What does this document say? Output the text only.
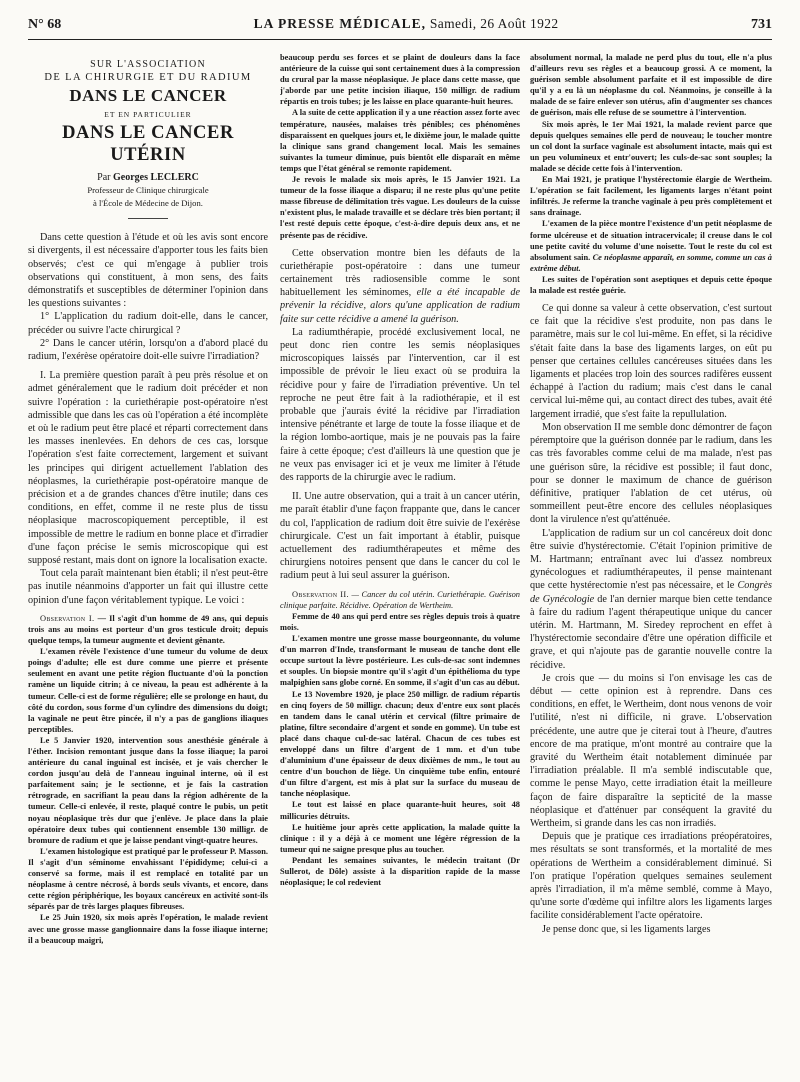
N° 68	LA PRESSE MÉDICALE, Samedi, 26 Août 1922	731
SUR L'ASSOCIATION
DE LA CHIRURGIE ET DU RADIUM
DANS LE CANCER
ET EN PARTICULIER
DANS LE CANCER UTÉRIN
Par Georges LECLERC
Professeur de Clinique chirurgicale
à l'École de Médecine de Dijon.

Dans cette question à l'étude et où les avis sont encore si divergents, il est nécessaire d'apporter tous les faits bien observés; c'est ce qui m'engage à publier trois observations qui constituent, à mon sens, des faits démonstratifs et susceptibles de déterminer l'opinion dans les questions suivantes :

1° L'application du radium doit-elle, dans le cancer, précéder ou suivre l'acte chirurgical ?

2° Dans le cancer utérin, lorsqu'on a d'abord placé du radium, l'exérèse opératoire doit-elle suivre l'irradiation?

I. La première question paraît à peu près résolue et on admet généralement que le radium doit précéder et non suivre l'opération : la curiethérapie post-opératoire n'est admissible que dans les cas où l'opération a été incomplète et où le radium peut être placé et réparti correctement dans les masses inenlevées. En dehors de ces cas, lorsque l'opération s'est faite correctement, largement et suivant les principes qui dirigent actuellement l'ablation des néoplasmes, la curiethérapie post-opératoire manque de précision et a de grandes chances d'être inutile; dans ces conditions, en effet, comme il ne reste plus de tissu néoplasique macroscopiquement perceptible, il est impossible de mettre le radium en bonne place et d'irradier d'une façon précise le semis microscopique qui est supposé restant, mais dont on ignore la localisation exacte.

Tout cela paraît maintenant bien établi; il n'est peut-être pas inutile néanmoins d'apporter un fait qui illustre cette opinion d'une façon véritablement typique. Le voici :

Observation I. — Il s'agit d'un homme de 49 ans, qui depuis trois ans au moins est porteur d'un gros testicule droit; depuis quelque temps, la tumeur augmente et devient gênante.

L'examen révèle l'existence d'une tumeur du volume de deux poings d'adulte; elle est dure comme une pierre et présente seulement en avant une petite région fluctuante d'où la ponction ramène un liquide citrin; à ce niveau, la peau est adhérente à la tumeur. Celle-ci est de forme régulière; elle se prolonge en haut, du côté du cordon, sous forme d'un cylindre des dimensions du doigt; la vaginale ne peut être pincée, il n'y a pas de ganglions iliaques perceptibles.

Le 5 Janvier 1920, intervention sous anesthésie générale à l'éther. Incision remontant jusque dans la fosse iliaque; la paroi antérieure du canal inguinal est incisée, et je vais chercher le cordon jusqu'au delà de l'anneau inguinal interne, où il est parfaitement sain; je le sectionne, et je fais la castration rétrograde, en sacrifiant la peau dans la région adhérente de la tumeur. Celle-ci enlevée, il reste, plaqué contre le pubis, un petit noyau néoplasique très dur que j'enlève. Je place dans la plaie opératoire deux tubes qui contiennent ensemble 130 milligr. de bromure de radium et que je laisse pendant vingt-quatre heures.

L'examen histologique est pratiqué par le professeur P. Masson. Il s'agit d'un séminome envahissant l'épididyme; celui-ci a conservé sa forme, mais il est remplacé en totalité par un néoplasme à centre nécrosé, à bords seuls vivants, et encore, dans cette région périphérique, les boyaux cancéreux en activité sont-ils séparés par de très larges plaques fibreuses.

Le 25 Juin 1920, six mois après l'opération, le malade revient avec une grosse masse ganglionnaire dans la fosse iliaque interne; il a beaucoup maigri,

beaucoup perdu ses forces et se plaint de douleurs dans la face antérieure de la cuisse qui sont certainement dues à la compression du crural par la masse néoplasique. Je place dans cette masse, que j'aborde par une petite incision iliaque, 150 milligr. de radium répartis en trois tubes; je les laisse en place quarante-huit heures.

A la suite de cette application il y a une réaction assez forte avec température, nausées, malaises très pénibles; ces phénomènes disparaissent en quelques jours et, le dixième jour, le malade quitte la clinique sans grand changement local. Mais les semaines suivantes la tumeur diminue, puis bientôt elle disparaît en même temps que l'état général se remonte rapidement.

Je revois le malade six mois après, le 15 Janvier 1921. La tumeur de la fosse iliaque a disparu; il ne reste plus qu'une petite masse fibreuse de délimitation très vague. Les douleurs de la cuisse n'existent plus, le malade travaille et se déclare très bien portant; il l'est resté depuis cette époque, c'est-à-dire depuis deux ans, et ne présente pas de récidive.

Cette observation montre bien les défauts de la curiethérapie post-opératoire : dans une tumeur certainement très radiosensible comme le sont habituellement les séminomes, elle a été incapable de prévenir la récidive, alors qu'une application de radium faite sur cette récidive a amené la guérison.

La radiumthérapie, procédé exclusivement local, ne peut donc rien contre les semis néoplasiques microscopiques laissés par l'intervention, car il est impossible de prévoir le lieu exact où se produira la récidive pour y faire de l'irradiation préventive. Un tel reproche ne peut être fait à la radiothérapie, et il est probable que j'aurais évité la récidive par l'irradiation intensive pénétrante et large de toute la fosse iliaque et de la région lombo-aortique, mais je ne pouvais pas la faire faire à cette époque; c'est d'ailleurs là une question que je ne veux pas envisager ici et je veux me limiter à l'étude des rapports de la chirurgie avec le radium.

II. Une autre observation, qui a trait à un cancer utérin, me paraît établir d'une façon frappante que, dans le cancer du col, l'application de radium doit être suivie de l'exérèse chirurgicale. C'est un fait important à établir, puisque actuellement des radiumthérapeutes et même des chirurgiens notoires pensent que dans le cancer du col le radium peut à lui seul assurer la guérison.

Observation II. — Cancer du col utérin. Curiethérapie. Guérison clinique parfaite. Récidive. Opération de Wertheim.

Femme de 40 ans qui perd entre ses règles depuis trois à quatre mois.

L'examen montre une grosse masse bourgeonnante, du volume d'un marron d'Inde, transformant le museau de tanche dont elle occupe surtout la lèvre postérieure. Les culs-de-sac sont indemnes et souples. Un biopsie montre qu'il s'agit d'un épithélioma du type malpighien sans globe corné. En somme, il s'agit d'un cas au début.

Le 13 Novembre 1920, je place 250 milligr. de radium répartis en cinq foyers de 50 milligr. chacun; deux d'entre eux sont placés en tandem dans le canal utérin et cervical (filtre primaire de platine, filtre secondaire d'argent et sonde en gomme). Un tube est placé dans chaque cul-de-sac latéral. Chacun de ces tubes est enveloppé dans un filtre d'argent de 1 mm. et d'un tube d'aluminium d'une épaisseur de deux dixièmes de mm., le tout au centre d'un bouchon de liège. Un cinquième tube enfin, entouré d'un filtre d'argent, est mis à plat sur la surface du museau de tanche néoplasique.

Le tout est laissé en place quarante-huit heures, soit 48 millicuries détruits.

Le huitième jour après cette application, la malade quitte la clinique : il y a déjà à ce moment une légère régression de la tumeur qui ne saigne presque plus au toucher.

Pendant les semaines suivantes, le médecin traitant (Dr Sullerot, de Dôle) assiste à la disparition rapide de la masse néoplasique; le col redevient

absolument normal, la malade ne perd plus du tout, elle n'a plus d'ailleurs revu ses règles et a beaucoup grossi. A ce moment, la guérison semble absolument parfaite et il est impossible de dire qu'il y a eu là un néoplasme du col. Néanmoins, je conseille à la malade de se faire enlever son utérus, afin d'augmenter ses chances de guérison, mais elle refuse de se soumettre à l'intervention.

Six mois après, le 1er Mai 1921, la malade revient parce que depuis quelques semaines elle perd de nouveau; le toucher montre un col dont la surface vaginale est absolument intacte, mais qui est un peu volumineux et entr'ouvert; les culs-de-sac sont souples; la malade se décide cette fois à l'intervention.

En Mai 1921, je pratique l'hystérectomie élargie de Wertheim. L'opération se fait facilement, les ligaments larges n'étant point infiltrés. Je referme la tranche vaginale à peu près complètement et sans drainage.

L'examen de la pièce montre l'existence d'un petit néoplasme de forme ulcéreuse et de situation intracervicale; il creuse dans le col une petite cavité du volume d'une noisette. Tout le reste du col est absolument sain. Ce néoplasme apparaît, en somme, comme un cas à extrême début.

Les suites de l'opération sont aseptiques et depuis cette époque la malade est restée guérie.

Ce qui donne sa valeur à cette observation, c'est surtout ce fait que la récidive s'est produite, non pas dans le paramètre, mais sur le col lui-même. En effet, si la récidive s'était faite dans la base des ligaments larges, on eût pu penser que certaines cellules cancéreuses situées dans les ligaments et placées trop loin des sources radifères eussent échappé à l'action du radium; mais c'est dans le canal cervical lui-même qui, au contact direct des tubes, avait été largement irradié, que s'est faite la repullulation.

Mon observation II me semble donc démontrer de façon péremptoire que la guérison donnée par le radium, dans les cas très favorables comme celui de ma malade, n'est pas une guérison sûre, la récidive est possible; il faut donc, pour se donner le maximum de chance de guérison définitive, pratiquer l'ablation de cet utérus, où sommeillent peut-être encore des cellules néoplasiques dont la virulence n'est qu'atténuée.

L'application de radium sur un col cancéreux doit donc être suivie d'hystérectomie. C'était l'opinion primitive de M. Hartmann; entraînant avec lui d'assez nombreux gynécologues et radiumthérapeutes, il pense maintenant que cette hystérectomie n'est pas nécessaire, et le Congrès de Gynécologie de l'an dernier marque bien cette tendance à faire du radium l'agent thérapeutique unique du cancer utérin. M. Hartmann, M. Siredey reprochent en effet à l'hystérectomie secondaire d'être une opération difficile et grave, et qui n'ajoute pas de garantie nouvelle contre la récidive.

Je crois que — du moins si l'on envisage les cas de début — cette opinion est à reprendre. Dans ces conditions, en effet, le Wertheim, dont nous venons de voir l'utilité, n'est ni difficile, ni grave. L'observation précédente, une autre que je citerai tout à l'heure, d'autres encore de ma pratique, m'ont montré au contraire que la gravité du Wertheim était notablement diminuée par l'irradiation préalable. Il m'a semblé indiscutable que, comme le pense Mayo, cette irradiation était la meilleure façon de faire disparaître la septicité de la masse néoplasique et d'atténuer par conséquent la gravité du Wertheim, si grande dans les cas non irradiés.

Depuis que je pratique ces irradiations préopératoires, mes résultats se sont transformés, et la mortalité de mes opérations de Wertheim a considérablement diminué. Si l'on pratique l'opération quelques semaines seulement après l'irradiation, il m'a même semblé, comme à Mayo, qu'une sorte d'œdème qui infiltre alors les ligaments larges facilite considérablement l'acte opératoire.

Je pense donc que, si les ligaments larges
